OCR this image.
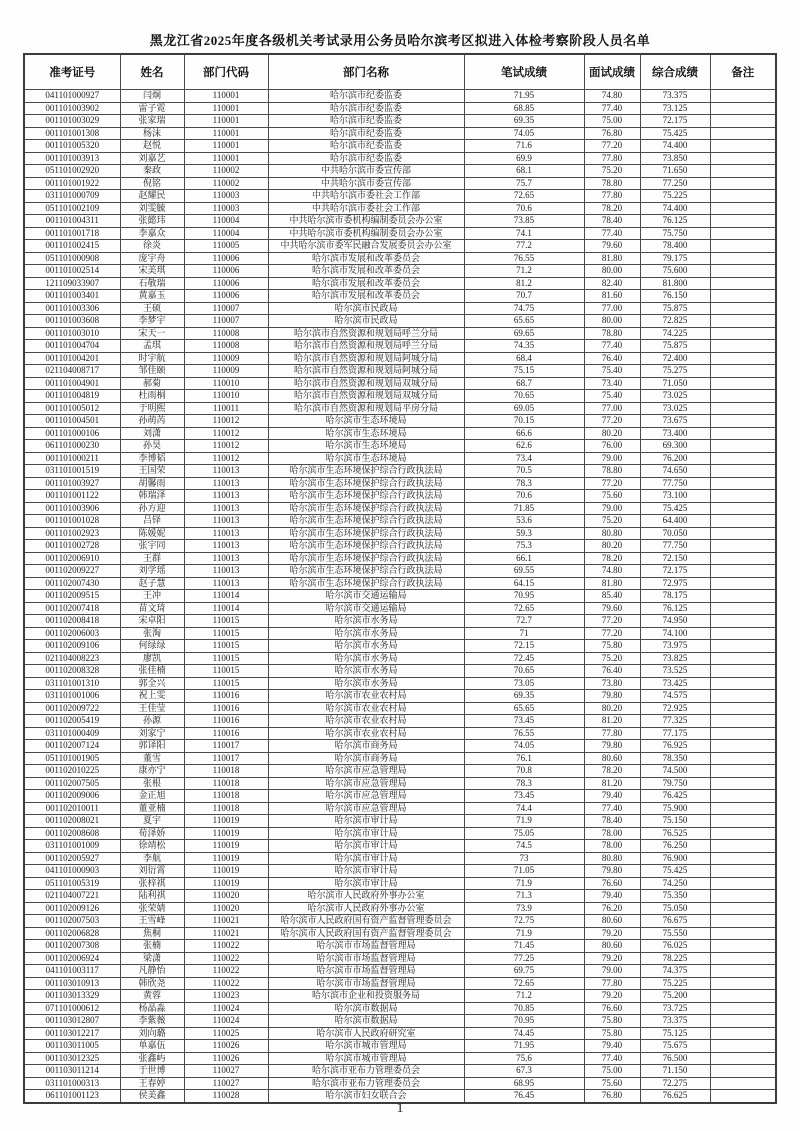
黑龙江省2025年度各级机关考试录用公务员哈尔滨考区拟进入体检考察阶段人员名单
准考证号	姓名	部门代码	部门名称	笔试成绩	面试成绩	综合成绩	备注
041101000927	闫炯	110001	哈尔滨市纪委监委	71.95	74.80	73.375	
001101003902	雷子霓	110001	哈尔滨市纪委监委	68.85	77.40	73.125	
001101003029	张家瑞	110001	哈尔滨市纪委监委	69.35	75.00	72.175	
001101001308	杨沫	110001	哈尔滨市纪委监委	74.05	76.80	75.425	
001101005320	赵悦	110001	哈尔滨市纪委监委	71.6	77.20	74.400	
001101003913	刘嘉艺	110001	哈尔滨市纪委监委	69.9	77.80	73.850	
051101002920	秦政	110002	中共哈尔滨市委宣传部	68.1	75.20	71.650	
001101001922	倪铭	110002	中共哈尔滨市委宣传部	75.7	78.80	77.250	
031101000709	赵耀民	110003	中共哈尔滨市委社会工作部	72.65	77.80	75.225	
051101002109	刘雯毓	110003	中共哈尔滨市委社会工作部	70.6	78.20	74.400	
001101004311	张懿玮	110004	中共哈尔滨市委机构编制委员会办公室	73.85	78.40	76.125	
001101001718	李嘉众	110004	中共哈尔滨市委机构编制委员会办公室	74.1	77.40	75.750	
001101002415	徐炎	110005	中共哈尔滨市委军民融合发展委员会办公室	77.2	79.60	78.400	
051101000908	庞宇舟	110006	哈尔滨市发展和改革委员会	76.55	81.80	79.175	
001101002514	宋美琪	110006	哈尔滨市发展和改革委员会	71.2	80.00	75.600	
121109033907	石敬瑞	110006	哈尔滨市发展和改革委员会	81.2	82.40	81.800	
001101003401	黄嘉玉	110006	哈尔滨市发展和改革委员会	70.7	81.60	76.150	
001101003306	王硕	110007	哈尔滨市民政局	74.75	77.00	75.875	
001101003608	李梦宇	110007	哈尔滨市民政局	65.65	80.00	72.825	
001101003010	宋天一	110008	哈尔滨市自然资源和规划局呼兰分局	69.65	78.80	74.225	
001101004704	孟琪	110008	哈尔滨市自然资源和规划局呼兰分局	74.35	77.40	75.875	
001101004201	时宇航	110009	哈尔滨市自然资源和规划局阿城分局	68.4	76.40	72.400	
021104008717	邹佳颐	110009	哈尔滨市自然资源和规划局阿城分局	75.15	75.40	75.275	
001101004901	郝菊	110010	哈尔滨市自然资源和规划局双城分局	68.7	73.40	71.050	
001101004819	杜雨桐	110010	哈尔滨市自然资源和规划局双城分局	70.65	75.40	73.025	
001101005012	于明熙	110011	哈尔滨市自然资源和规划局平房分局	69.05	77.00	73.025	
001101004501	孙萌芮	110012	哈尔滨市生态环境局	70.15	77.20	73.675	
001101000106	刘潇	110012	哈尔滨市生态环境局	66.6	80.20	73.400	
061101000230	孙昊	110012	哈尔滨市生态环境局	62.6	76.00	69.300	
001101000211	李博韬	110012	哈尔滨市生态环境局	73.4	79.00	76.200	
031101001519	王国荣	110013	哈尔滨市生态环境保护综合行政执法局	70.5	78.80	74.650	
001101003927	胡馨雨	110013	哈尔滨市生态环境保护综合行政执法局	78.3	77.20	77.750	
001101001122	韩瑞泽	110013	哈尔滨市生态环境保护综合行政执法局	70.6	75.60	73.100	
001101003906	孙方迎	110013	哈尔滨市生态环境保护综合行政执法局	71.85	79.00	75.425	
001101001028	吕铎	110013	哈尔滨市生态环境保护综合行政执法局	53.6	75.20	64.400	
001101002923	陈媛妮	110013	哈尔滨市生态环境保护综合行政执法局	59.3	80.80	70.050	
001101002728	张宇同	110013	哈尔滨市生态环境保护综合行政执法局	75.3	80.20	77.750	
001102006910	王群	110013	哈尔滨市生态环境保护综合行政执法局	66.1	78.20	72.150	
001102009227	刘学瑶	110013	哈尔滨市生态环境保护综合行政执法局	69.55	74.80	72.175	
001102007430	赵子慧	110013	哈尔滨市生态环境保护综合行政执法局	64.15	81.80	72.975	
001102009515	王冲	110014	哈尔滨市交通运输局	70.95	85.40	78.175	
001102007418	苗文琦	110014	哈尔滨市交通运输局	72.65	79.60	76.125	
001102008418	宋卓阳	110015	哈尔滨市水务局	72.7	77.20	74.950	
001102006003	张淘	110015	哈尔滨市水务局	71	77.20	74.100	
001102009106	何绿绿	110015	哈尔滨市水务局	72.15	75.80	73.975	
021104008223	廖凯	110015	哈尔滨市水务局	72.45	75.20	73.825	
001102008328	张佳楠	110015	哈尔滨市水务局	70.65	76.40	73.525	
031101001310	郭全兴	110015	哈尔滨市水务局	73.05	73.80	73.425	
031101001006	祝上雯	110016	哈尔滨市农业农村局	69.35	79.80	74.575	
001102009722	王佳莹	110016	哈尔滨市农业农村局	65.65	80.20	72.925	
001102005419	孙源	110016	哈尔滨市农业农村局	73.45	81.20	77.325	
031101000409	刘家宁	110016	哈尔滨市农业农村局	76.55	77.80	77.175	
001102007124	郭译阳	110017	哈尔滨市商务局	74.05	79.80	76.925	
051101001905	董雪	110017	哈尔滨市商务局	76.1	80.60	78.350	
001102010225	康亦宁	110018	哈尔滨市应急管理局	70.8	78.20	74.500	
001102007505	张根	110018	哈尔滨市应急管理局	78.3	81.20	79.750	
001102009006	金正旭	110018	哈尔滨市应急管理局	73.45	79.40	76.425	
001102010011	董亚楠	110018	哈尔滨市应急管理局	74.4	77.40	75.900	
001102008021	夏宇	110019	哈尔滨市审计局	71.9	78.40	75.150	
001102008608	荀泽娇	110019	哈尔滨市审计局	75.05	78.00	76.525	
031101001009	徐靖松	110019	哈尔滨市审计局	74.5	78.00	76.250	
001102005927	李航	110019	哈尔滨市审计局	73	80.80	76.900	
041101000903	刘衍霄	110019	哈尔滨市审计局	71.05	79.80	75.425	
051101005319	张梓祺	110019	哈尔滨市审计局	71.9	76.60	74.250	
021104007221	陆利祺	110020	哈尔滨市人民政府外事办公室	71.3	79.40	75.350	
001102009126	张荣婧	110020	哈尔滨市人民政府外事办公室	73.9	76.20	75.050	
001102007503	王雪峰	110021	哈尔滨市人民政府国有资产监督管理委员会	72.75	80.60	76.675	
001102006828	焦桐	110021	哈尔滨市人民政府国有资产监督管理委员会	71.9	79.20	75.550	
001102007308	张楠	110022	哈尔滨市市场监督管理局	71.45	80.60	76.025	
001102006924	梁潇	110022	哈尔滨市市场监督管理局	77.25	79.20	78.225	
041101003117	凡静怡	110022	哈尔滨市市场监督管理局	69.75	79.00	74.375	
001103010913	韩欣尧	110022	哈尔滨市市场监督管理局	72.65	77.80	75.225	
001103013329	黄蓉	110023	哈尔滨市企业和投资服务局	71.2	79.20	75.200	
071101000612	杨晶淼	110024	哈尔滨市数据局	70.85	76.60	73.725	
001103012807	李紫薇	110024	哈尔滨市数据局	70.95	75.80	73.375	
001103012217	刘向璐	110025	哈尔滨市人民政府研究室	74.45	75.80	75.125	
001103011005	单嘉伍	110026	哈尔滨市城市管理局	71.95	79.40	75.675	
001103012325	张鑫屿	110026	哈尔滨市城市管理局	75.6	77.40	76.500	
001103011214	于世博	110027	哈尔滨市亚布力管理委员会	67.3	75.00	71.150	
031101000313	王春婷	110027	哈尔滨市亚布力管理委员会	68.95	75.60	72.275	
061101001123	侯美鑫	110028	哈尔滨市妇女联合会	76.45	76.80	76.625	
1
